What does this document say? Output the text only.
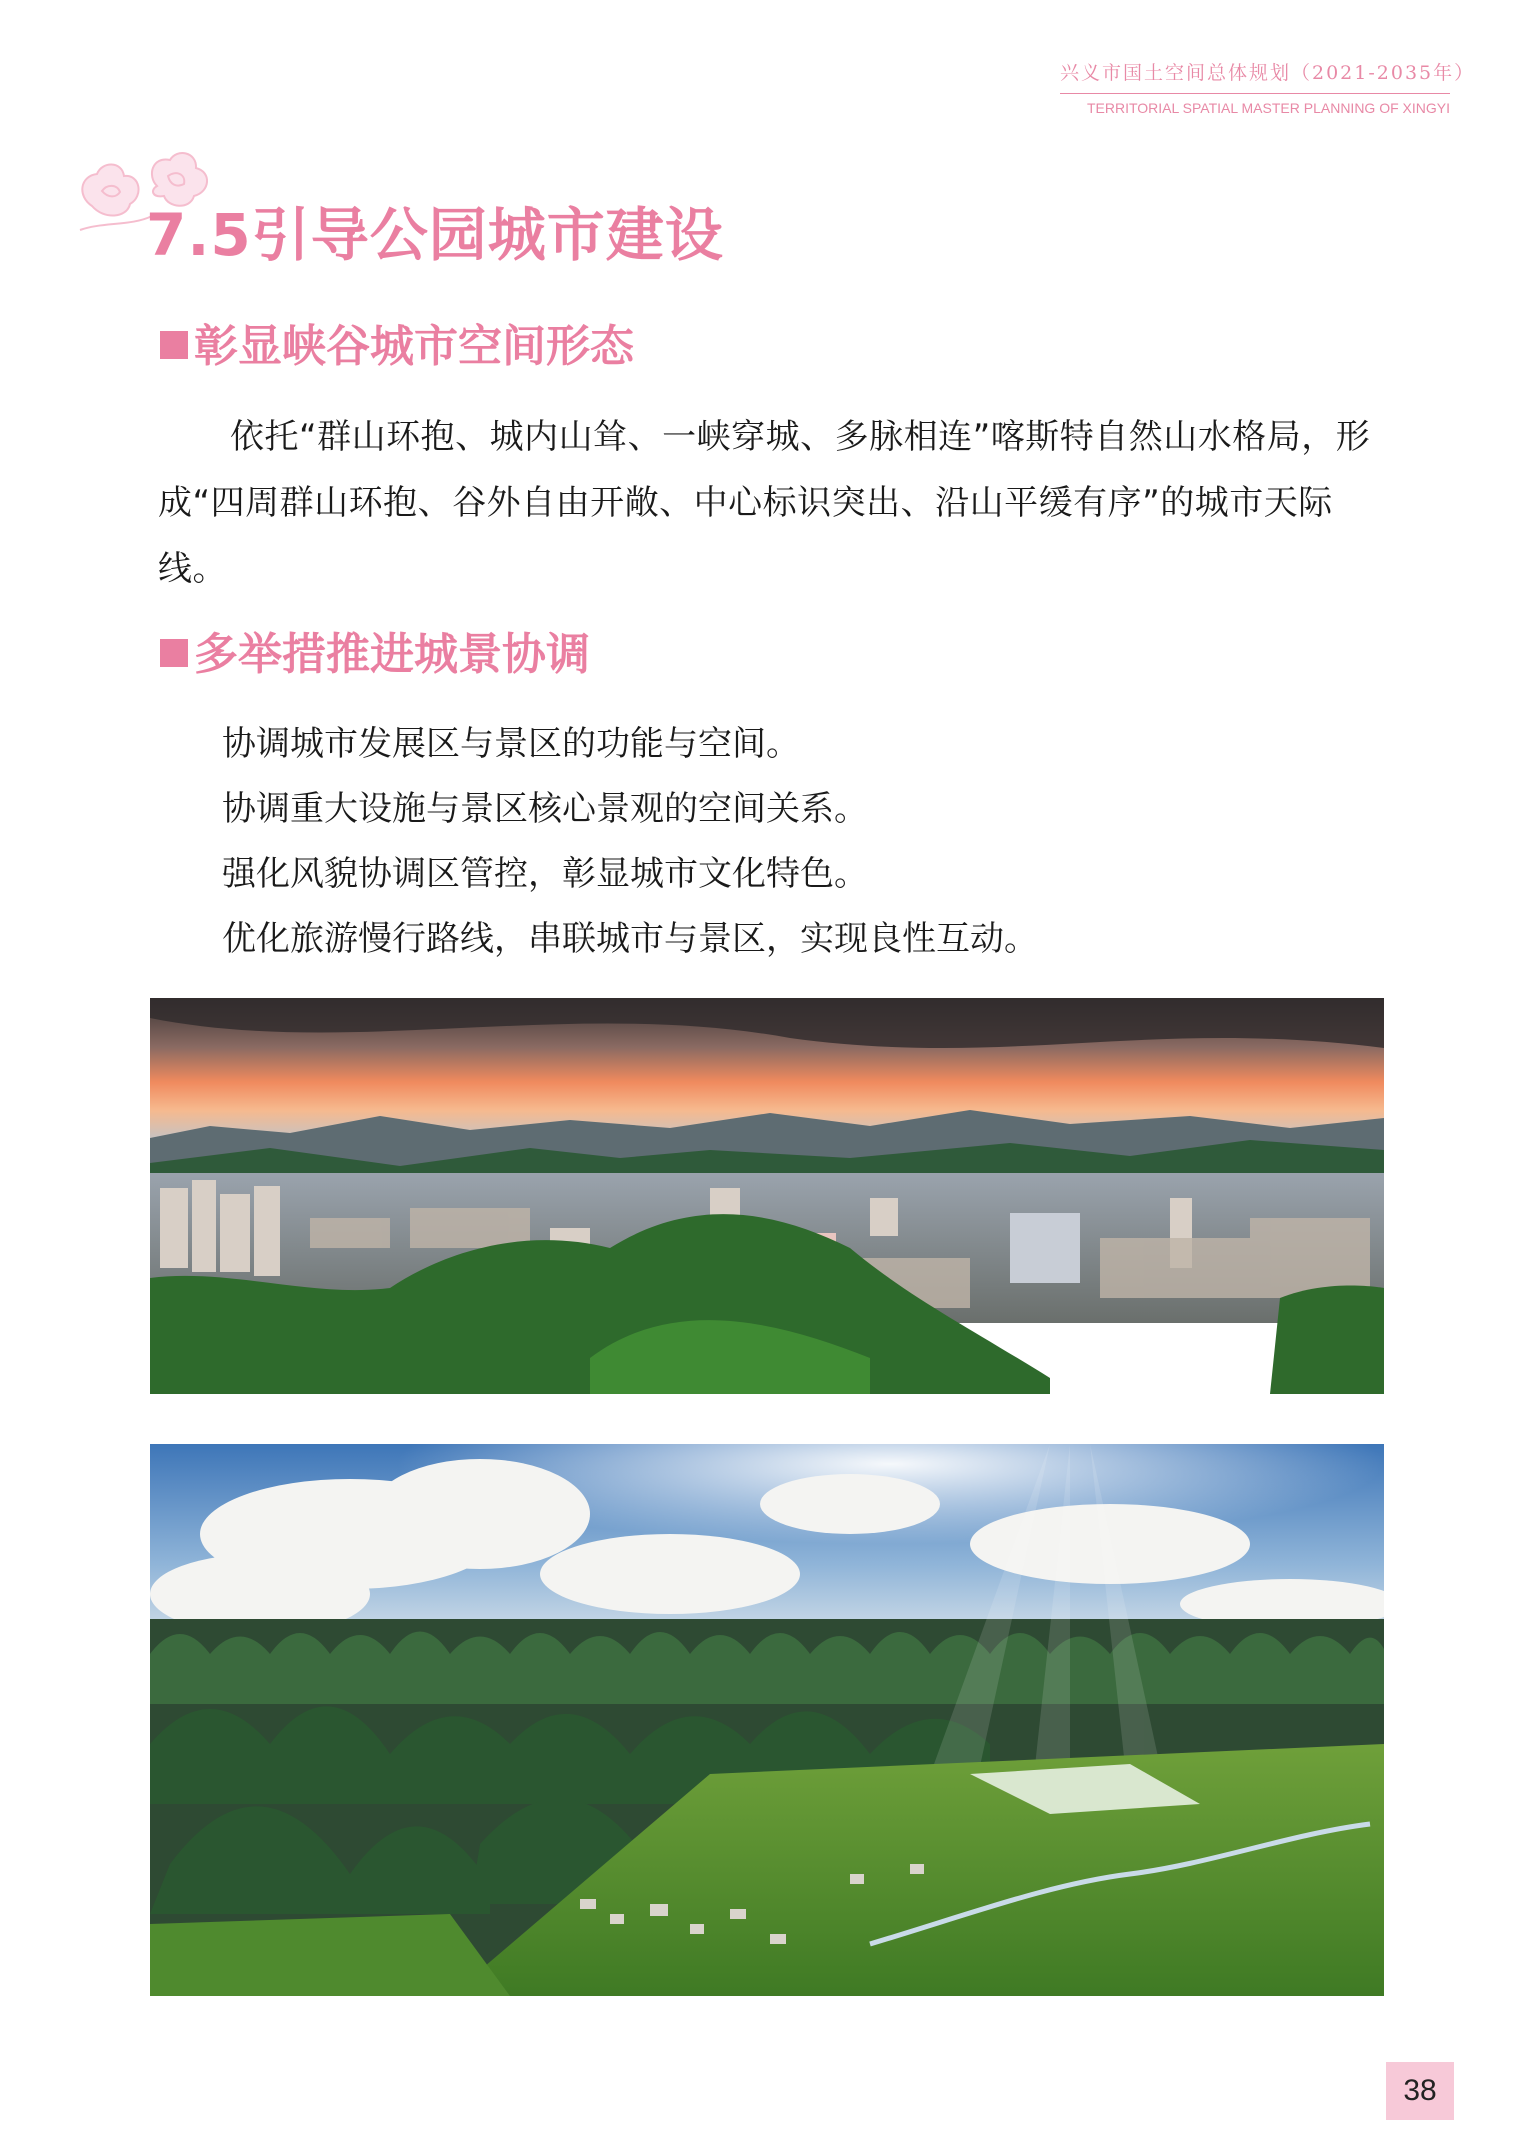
兴义市国土空间总体规划（2021-2035年）
TERRITORIAL SPATIAL MASTER PLANNING OF XINGYI
7.5引导公园城市建设
彰显峡谷城市空间形态

依托“群山环抱、城内山耸、一峡穿城、多脉相连”喀斯特自然山水格局，形成“四周群山环抱、谷外自由开敞、中心标识突出、沿山平缓有序”的城市天际线。

多举措推进城景协调
协调城市发展区与景区的功能与空间。
协调重大设施与景区核心景观的空间关系。
强化风貌协调区管控，彰显城市文化特色。
优化旅游慢行路线，串联城市与景区，实现良性互动。
38
